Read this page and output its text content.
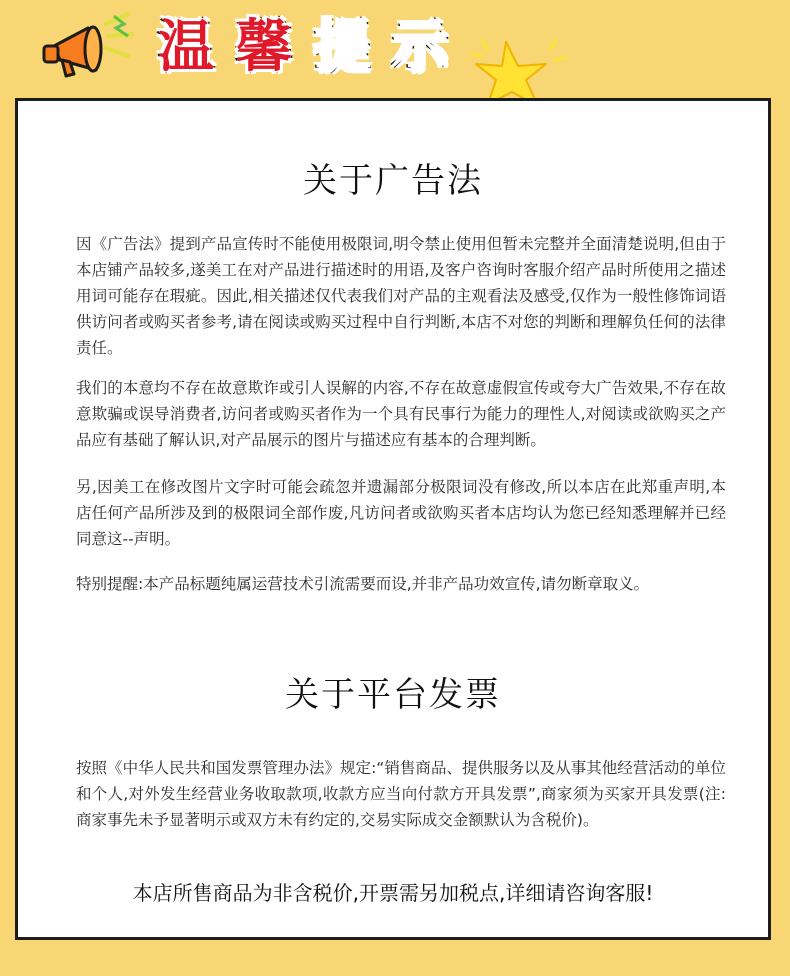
温 馨 提 示
关于广告法

因《广告法》提到产品宣传时不能使用极限词,明令禁止使用但暂未完整并全面清楚说明,但由于本店铺产品较多,遂美工在对产品进行描述时的用语,及客户咨询时客服介绍产品时所使用之描述用词可能存在瑕疵。因此,相关描述仅代表我们对产品的主观看法及感受,仅作为一般性修饰词语供访问者或购买者参考,请在阅读或购买过程中自行判断,本店不对您的判断和理解负任何的法律责任。

我们的本意均不存在故意欺诈或引人误解的内容,不存在故意虚假宣传或夸大广告效果,不存在故意欺骗或误导消费者,访问者或购买者作为一个具有民事行为能力的理性人,对阅读或欲购买之产品应有基础了解认识,对产品展示的图片与描述应有基本的合理判断。

另,因美工在修改图片文字时可能会疏忽并遗漏部分极限词没有修改,所以本店在此郑重声明,本店任何产品所涉及到的极限词全部作废,凡访问者或欲购买者本店均认为您已经知悉理解并已经同意这--声明。

特别提醒:本产品标题纯属运营技术引流需要而设,并非产品功效宣传,请勿断章取义。

关于平台发票

按照《中华人民共和国发票管理办法》规定:“销售商品、提供服务以及从事其他经营活动的单位和个人,对外发生经营业务收取款项,收款方应当向付款方开具发票”,商家须为买家开具发票(注:商家事先未予显著明示或双方未有约定的,交易实际成交金额默认为含税价)。

本店所售商品为非含税价,开票需另加税点,详细请咨询客服!
